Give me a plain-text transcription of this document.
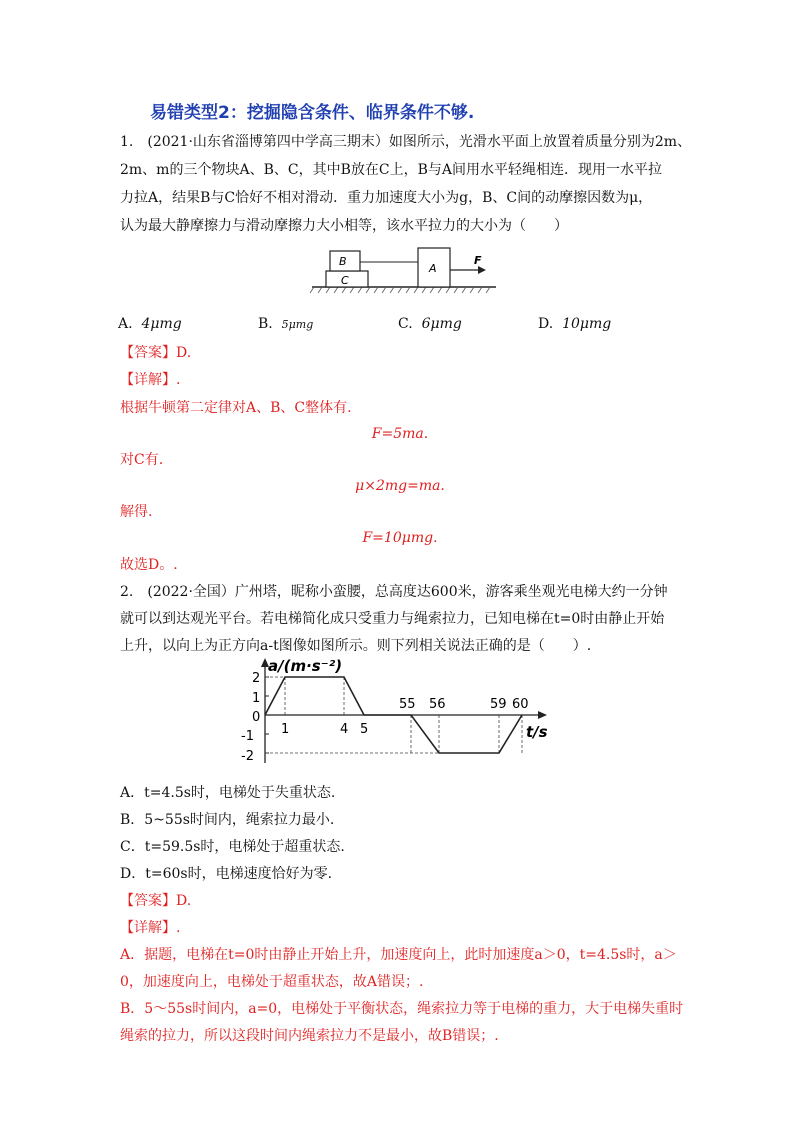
易错类型2：挖掘隐含条件、临界条件不够.
1.　(2021·山东省淄博第四中学高三期末）如图所示，光滑水平面上放置着质量分别为2m、
2m、m的三个物块A、B、C，其中B放在C上，B与A间用水平轻绳相连．现用一水平拉
力拉A，结果B与C恰好不相对滑动．重力加速度大小为g，B、C间的动摩擦因数为μ，
认为最大静摩擦力与滑动摩擦力大小相等，该水平拉力的大小为（　　）
C
B
A
F
A. 4μmg	B. 5μmg	C. 6μmg	D. 10μmg
【答案】D.
【详解】.
根据牛顿第二定律对A、B、C整体有.
F=5ma.
对C有.
μ×2mg=ma.
解得.
F=10μmg.
故选D。.
2.　(2022·全国）广州塔，昵称小蛮腰，总高度达600米，游客乘坐观光电梯大约一分钟
就可以到达观光平台。若电梯简化成只受重力与绳索拉力，已知电梯在t=0时由静止开始
上升，以向上为正方向a-t图像如图所示。则下列相关说法正确的是（　　）.
a/(m·s⁻²)
2
1
0
-1
-2
1	4 5
55 56	59 60
t/s
A．t=4.5s时，电梯处于失重状态.
B．5~55s时间内，绳索拉力最小.
C．t=59.5s时，电梯处于超重状态.
D．t=60s时，电梯速度恰好为零.
【答案】D.
【详解】.
A．据题，电梯在t=0时由静止开始上升，加速度向上，此时加速度a＞0，t=4.5s时，a＞
0，加速度向上，电梯处于超重状态，故A错误；.
B．5～55s时间内，a=0，电梯处于平衡状态，绳索拉力等于电梯的重力，大于电梯失重时
绳索的拉力，所以这段时间内绳索拉力不是最小，故B错误；.
